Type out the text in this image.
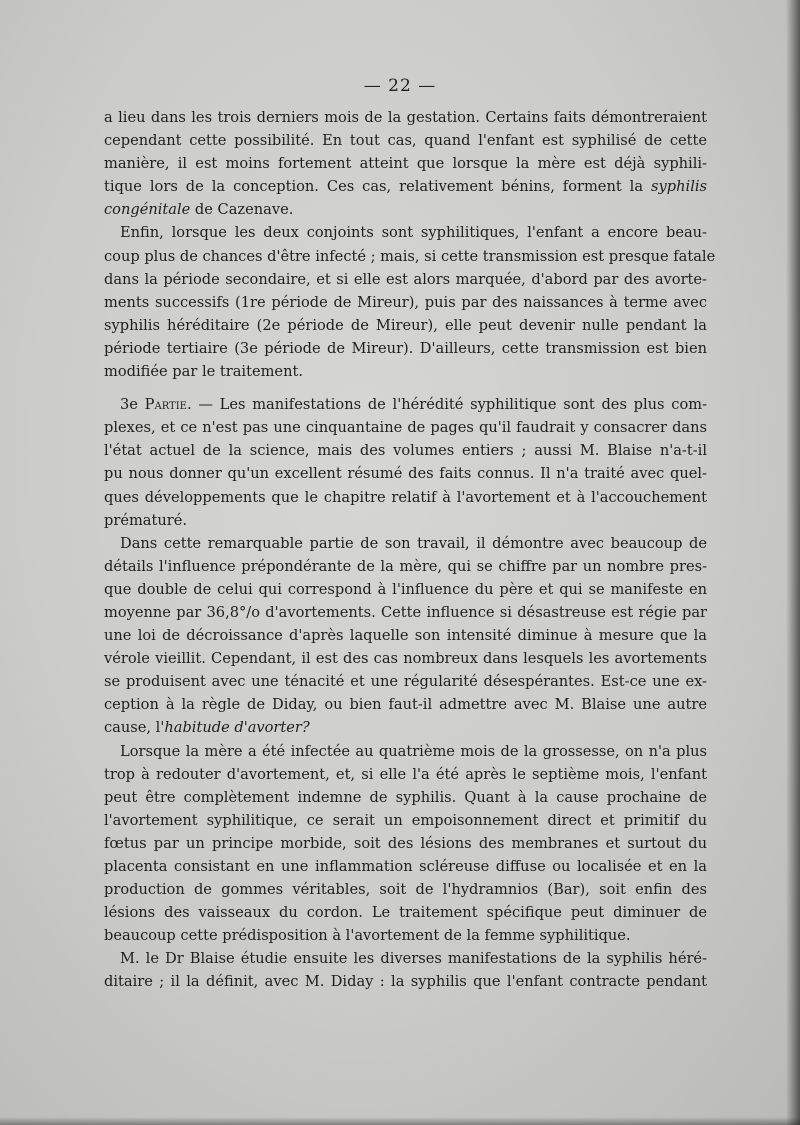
— 22 —
a lieu dans les trois derniers mois de la gestation. Certains faits démontreraient
cependant cette possibilité. En tout cas, quand l'enfant est syphilisé de cette
manière, il est moins fortement atteint que lorsque la mère est déjà syphili-
tique lors de la conception. Ces cas, relativement bénins, forment la syphilis
congénitale de Cazenave.
Enfin, lorsque les deux conjoints sont syphilitiques, l'enfant a encore beau-
coup plus de chances d'être infecté ; mais, si cette transmission est presque fatale
dans la période secondaire, et si elle est alors marquée, d'abord par des avorte-
ments successifs (1re période de Mireur), puis par des naissances à terme avec
syphilis héréditaire (2e période de Mireur), elle peut devenir nulle pendant la
période tertiaire (3e période de Mireur). D'ailleurs, cette transmission est bien
modifiée par le traitement.
3e Partie. — Les manifestations de l'hérédité syphilitique sont des plus com-
plexes, et ce n'est pas une cinquantaine de pages qu'il faudrait y consacrer dans
l'état actuel de la science, mais des volumes entiers ; aussi M. Blaise n'a-t-il
pu nous donner qu'un excellent résumé des faits connus. Il n'a traité avec quel-
ques développements que le chapitre relatif à l'avortement et à l'accouchement
prématuré.
Dans cette remarquable partie de son travail, il démontre avec beaucoup de
détails l'influence prépondérante de la mère, qui se chiffre par un nombre pres-
que double de celui qui correspond à l'influence du père et qui se manifeste en
moyenne par 36,8°/o d'avortements. Cette influence si désastreuse est régie par
une loi de décroissance d'après laquelle son intensité diminue à mesure que la
vérole vieillit. Cependant, il est des cas nombreux dans lesquels les avortements
se produisent avec une ténacité et une régularité désespérantes. Est-ce une ex-
ception à la règle de Diday, ou bien faut-il admettre avec M. Blaise une autre
cause, l'habitude d'avorter?
Lorsque la mère a été infectée au quatrième mois de la grossesse, on n'a plus
trop à redouter d'avortement, et, si elle l'a été après le septième mois, l'enfant
peut être complètement indemne de syphilis. Quant à la cause prochaine de
l'avortement syphilitique, ce serait un empoisonnement direct et primitif du
fœtus par un principe morbide, soit des lésions des membranes et surtout du
placenta consistant en une inflammation scléreuse diffuse ou localisée et en la
production de gommes véritables, soit de l'hydramnios (Bar), soit enfin des
lésions des vaisseaux du cordon. Le traitement spécifique peut diminuer de
beaucoup cette prédisposition à l'avortement de la femme syphilitique.
M. le Dr Blaise étudie ensuite les diverses manifestations de la syphilis héré-
ditaire ; il la définit, avec M. Diday : la syphilis que l'enfant contracte pendant
